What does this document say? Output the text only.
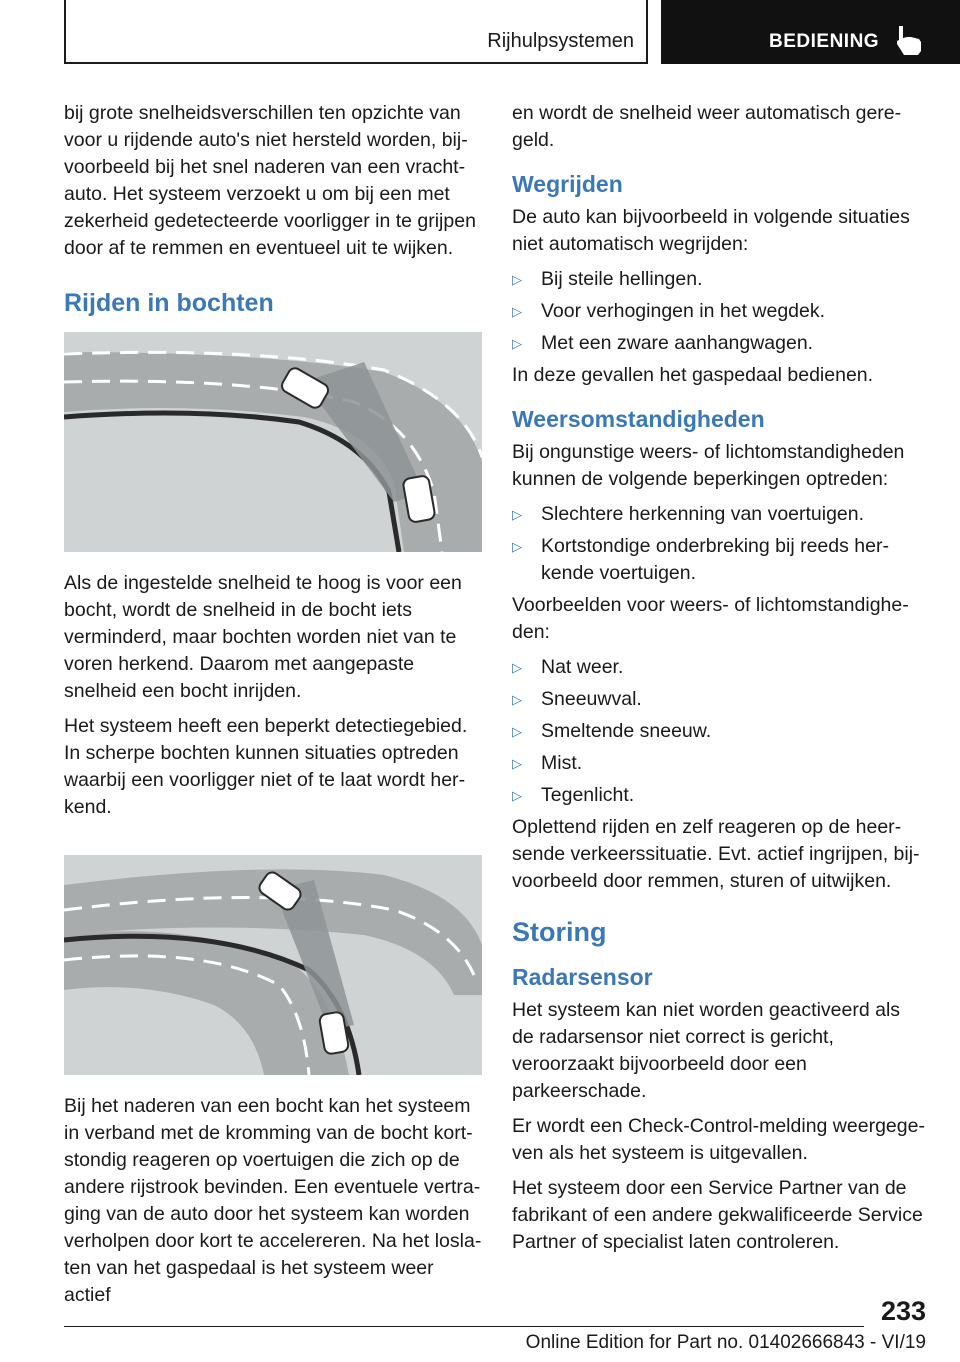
Rijhulpsystemen	BEDIENING

bij grote snelheidsverschillen ten opzichte van voor u rijdende auto's niet hersteld worden, bijvoorbeeld bij het snel naderen van een vrachtauto. Het systeem verzoekt u om bij een met zekerheid gedetecteerde voorligger in te grijpen door af te remmen en eventueel uit te wijken.

Rijden in bochten

Als de ingestelde snelheid te hoog is voor een bocht, wordt de snelheid in de bocht iets verminderd, maar bochten worden niet van te voren herkend. Daarom met aangepaste snelheid een bocht inrijden.

Het systeem heeft een beperkt detectiegebied. In scherpe bochten kunnen situaties optreden waarbij een voorligger niet of te laat wordt herkend.

Bij het naderen van een bocht kan het systeem in verband met de kromming van de bocht kortstondig reageren op voertuigen die zich op de andere rijstrook bevinden. Een eventuele vertraging van de auto door het systeem kan worden verholpen door kort te accelereren. Na het loslaten van het gaspedaal is het systeem weer actief

en wordt de snelheid weer automatisch geregeld.

Wegrijden

De auto kan bijvoorbeeld in volgende situaties niet automatisch wegrijden:

▷ Bij steile hellingen.
▷ Voor verhogingen in het wegdek.
▷ Met een zware aanhangwagen.

In deze gevallen het gaspedaal bedienen.

Weersomstandigheden

Bij ongunstige weers- of lichtomstandigheden kunnen de volgende beperkingen optreden:

▷ Slechtere herkenning van voertuigen.
▷ Kortstondige onderbreking bij reeds herkende voertuigen.

Voorbeelden voor weers- of lichtomstandigheden:

▷ Nat weer.
▷ Sneeuwval.
▷ Smeltende sneeuw.
▷ Mist.
▷ Tegenlicht.

Oplettend rijden en zelf reageren op de heersende verkeerssituatie. Evt. actief ingrijpen, bijvoorbeeld door remmen, sturen of uitwijken.

Storing
Radarsensor

Het systeem kan niet worden geactiveerd als de radarsensor niet correct is gericht, veroorzaakt bijvoorbeeld door een parkeerschade.

Er wordt een Check-Control-melding weergegeven als het systeem is uitgevallen.

Het systeem door een Service Partner van de fabrikant of een andere gekwalificeerde Service Partner of specialist laten controleren.

233
Online Edition for Part no. 01402666843 - VI/19
